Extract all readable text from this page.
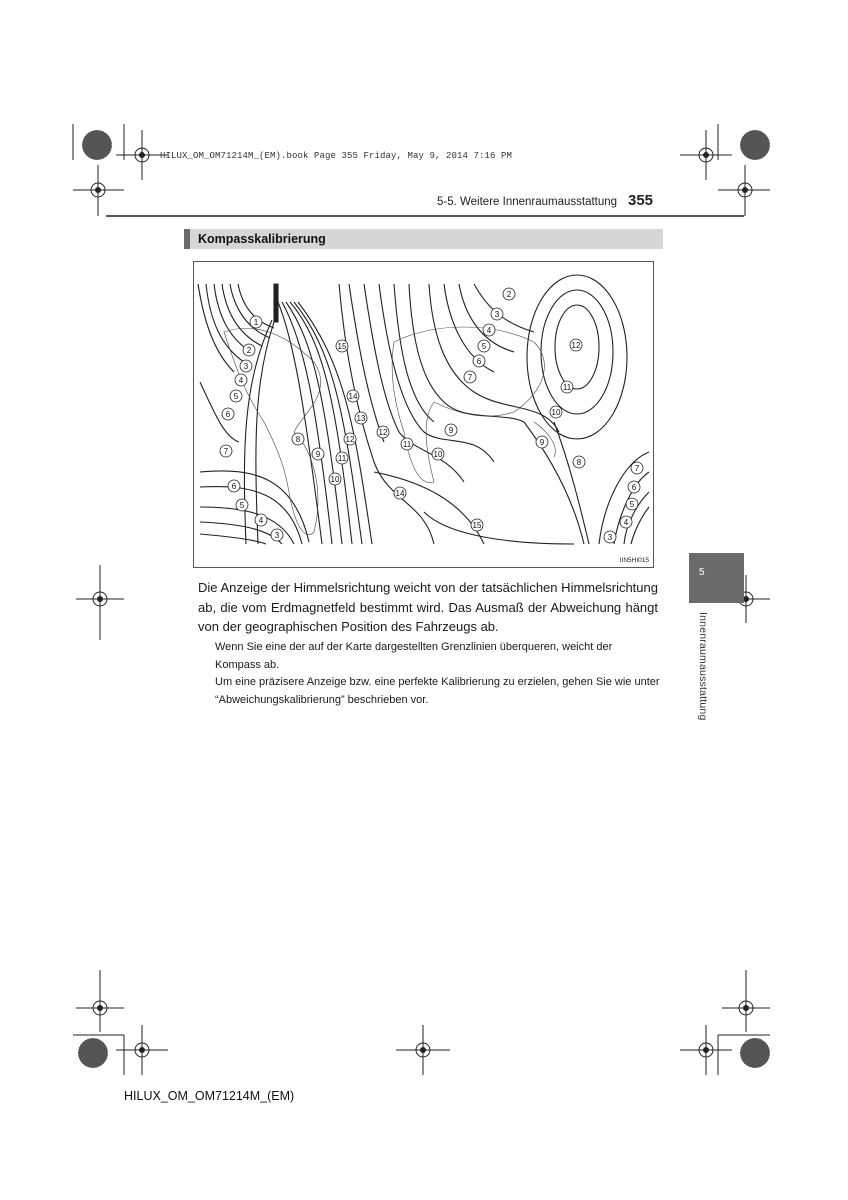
HILUX_OM_OM71214M_(EM).book Page 355 Friday, May 9, 2014 7:16 PM
5-5. Weitere Innenraumausstattung 355
Kompasskalibrierung
1
2
3
4
5
6
7
15
14
13
12
11
10
9
8
2
3
4
5
6
7
12
11
10
9
11
12
10
9
8
7
6
5
4
3
6
5
4
3
14
15
IIN5HI015
Die Anzeige der Himmelsrichtung weicht von der tatsächlichen Himmelsrichtung ab, die vom Erdmagnetfeld bestimmt wird. Das Ausmaß der Abweichung hängt von der geographischen Position des Fahrzeugs ab.
Wenn Sie eine der auf der Karte dargestellten Grenzlinien überqueren, weicht der Kompass ab.
Um eine präzisere Anzeige bzw. eine perfekte Kalibrierung zu erzielen, gehen Sie wie unter “Abweichungskalibrierung” beschrieben vor.
5
Innenraumausstattung
HILUX_OM_OM71214M_(EM)
